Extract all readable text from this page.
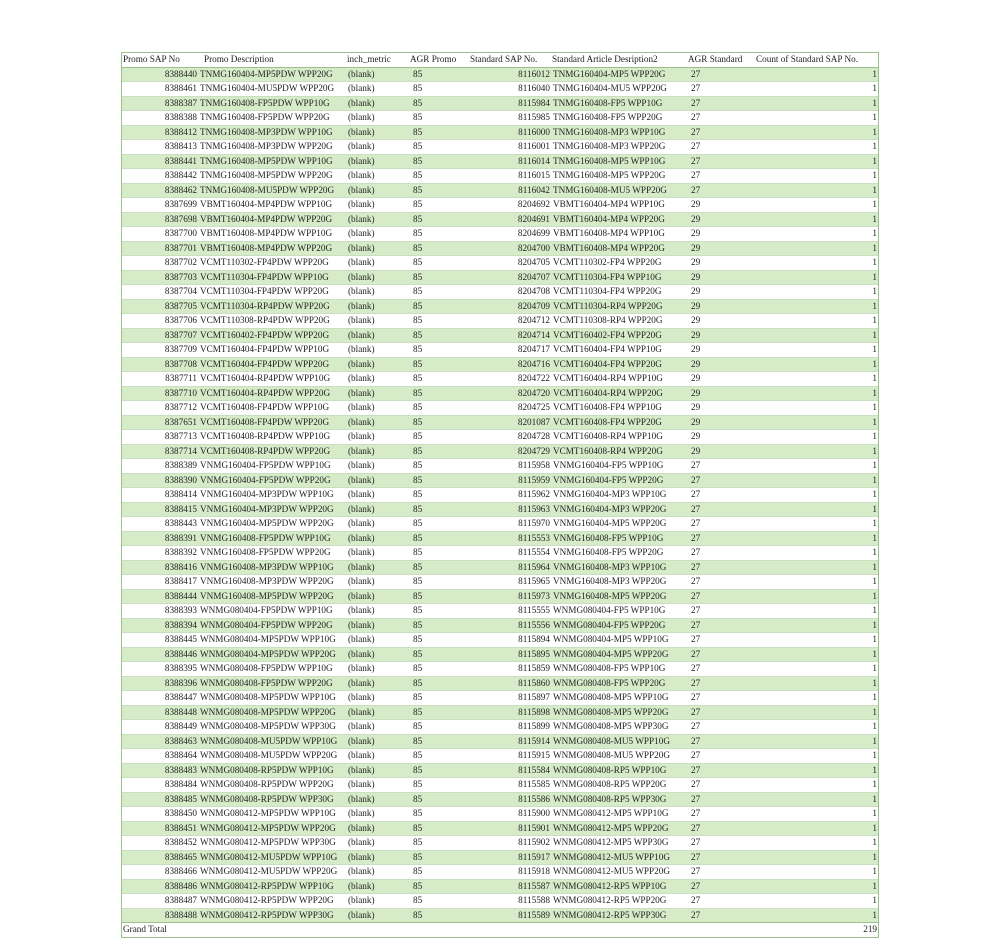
Promo SAP No	Promo Description	inch_metric	AGR Promo	Standard SAP No.	Standard Article Desription2	AGR Standard	Count of Standard SAP No.
8388440	TNMG160404-MP5PDW WPP20G	(blank)	85	8116012	TNMG160404-MP5 WPP20G	27	1
8388461	TNMG160404-MU5PDW WPP20G	(blank)	85	8116040	TNMG160404-MU5 WPP20G	27	1
8388387	TNMG160408-FP5PDW WPP10G	(blank)	85	8115984	TNMG160408-FP5 WPP10G	27	1
8388388	TNMG160408-FP5PDW WPP20G	(blank)	85	8115985	TNMG160408-FP5 WPP20G	27	1
8388412	TNMG160408-MP3PDW WPP10G	(blank)	85	8116000	TNMG160408-MP3 WPP10G	27	1
8388413	TNMG160408-MP3PDW WPP20G	(blank)	85	8116001	TNMG160408-MP3 WPP20G	27	1
8388441	TNMG160408-MP5PDW WPP10G	(blank)	85	8116014	TNMG160408-MP5 WPP10G	27	1
8388442	TNMG160408-MP5PDW WPP20G	(blank)	85	8116015	TNMG160408-MP5 WPP20G	27	1
8388462	TNMG160408-MU5PDW WPP20G	(blank)	85	8116042	TNMG160408-MU5 WPP20G	27	1
8387699	VBMT160404-MP4PDW WPP10G	(blank)	85	8204692	VBMT160404-MP4 WPP10G	29	1
8387698	VBMT160404-MP4PDW WPP20G	(blank)	85	8204691	VBMT160404-MP4 WPP20G	29	1
8387700	VBMT160408-MP4PDW WPP10G	(blank)	85	8204699	VBMT160408-MP4 WPP10G	29	1
8387701	VBMT160408-MP4PDW WPP20G	(blank)	85	8204700	VBMT160408-MP4 WPP20G	29	1
8387702	VCMT110302-FP4PDW WPP20G	(blank)	85	8204705	VCMT110302-FP4 WPP20G	29	1
8387703	VCMT110304-FP4PDW WPP10G	(blank)	85	8204707	VCMT110304-FP4 WPP10G	29	1
8387704	VCMT110304-FP4PDW WPP20G	(blank)	85	8204708	VCMT110304-FP4 WPP20G	29	1
8387705	VCMT110304-RP4PDW WPP20G	(blank)	85	8204709	VCMT110304-RP4 WPP20G	29	1
8387706	VCMT110308-RP4PDW WPP20G	(blank)	85	8204712	VCMT110308-RP4 WPP20G	29	1
8387707	VCMT160402-FP4PDW WPP20G	(blank)	85	8204714	VCMT160402-FP4 WPP20G	29	1
8387709	VCMT160404-FP4PDW WPP10G	(blank)	85	8204717	VCMT160404-FP4 WPP10G	29	1
8387708	VCMT160404-FP4PDW WPP20G	(blank)	85	8204716	VCMT160404-FP4 WPP20G	29	1
8387711	VCMT160404-RP4PDW WPP10G	(blank)	85	8204722	VCMT160404-RP4 WPP10G	29	1
8387710	VCMT160404-RP4PDW WPP20G	(blank)	85	8204720	VCMT160404-RP4 WPP20G	29	1
8387712	VCMT160408-FP4PDW WPP10G	(blank)	85	8204725	VCMT160408-FP4 WPP10G	29	1
8387651	VCMT160408-FP4PDW WPP20G	(blank)	85	8201087	VCMT160408-FP4 WPP20G	29	1
8387713	VCMT160408-RP4PDW WPP10G	(blank)	85	8204728	VCMT160408-RP4 WPP10G	29	1
8387714	VCMT160408-RP4PDW WPP20G	(blank)	85	8204729	VCMT160408-RP4 WPP20G	29	1
8388389	VNMG160404-FP5PDW WPP10G	(blank)	85	8115958	VNMG160404-FP5 WPP10G	27	1
8388390	VNMG160404-FP5PDW WPP20G	(blank)	85	8115959	VNMG160404-FP5 WPP20G	27	1
8388414	VNMG160404-MP3PDW WPP10G	(blank)	85	8115962	VNMG160404-MP3 WPP10G	27	1
8388415	VNMG160404-MP3PDW WPP20G	(blank)	85	8115963	VNMG160404-MP3 WPP20G	27	1
8388443	VNMG160404-MP5PDW WPP20G	(blank)	85	8115970	VNMG160404-MP5 WPP20G	27	1
8388391	VNMG160408-FP5PDW WPP10G	(blank)	85	8115553	VNMG160408-FP5 WPP10G	27	1
8388392	VNMG160408-FP5PDW WPP20G	(blank)	85	8115554	VNMG160408-FP5 WPP20G	27	1
8388416	VNMG160408-MP3PDW WPP10G	(blank)	85	8115964	VNMG160408-MP3 WPP10G	27	1
8388417	VNMG160408-MP3PDW WPP20G	(blank)	85	8115965	VNMG160408-MP3 WPP20G	27	1
8388444	VNMG160408-MP5PDW WPP20G	(blank)	85	8115973	VNMG160408-MP5 WPP20G	27	1
8388393	WNMG080404-FP5PDW WPP10G	(blank)	85	8115555	WNMG080404-FP5 WPP10G	27	1
8388394	WNMG080404-FP5PDW WPP20G	(blank)	85	8115556	WNMG080404-FP5 WPP20G	27	1
8388445	WNMG080404-MP5PDW WPP10G	(blank)	85	8115894	WNMG080404-MP5 WPP10G	27	1
8388446	WNMG080404-MP5PDW WPP20G	(blank)	85	8115895	WNMG080404-MP5 WPP20G	27	1
8388395	WNMG080408-FP5PDW WPP10G	(blank)	85	8115859	WNMG080408-FP5 WPP10G	27	1
8388396	WNMG080408-FP5PDW WPP20G	(blank)	85	8115860	WNMG080408-FP5 WPP20G	27	1
8388447	WNMG080408-MP5PDW WPP10G	(blank)	85	8115897	WNMG080408-MP5 WPP10G	27	1
8388448	WNMG080408-MP5PDW WPP20G	(blank)	85	8115898	WNMG080408-MP5 WPP20G	27	1
8388449	WNMG080408-MP5PDW WPP30G	(blank)	85	8115899	WNMG080408-MP5 WPP30G	27	1
8388463	WNMG080408-MU5PDW WPP10G	(blank)	85	8115914	WNMG080408-MU5 WPP10G	27	1
8388464	WNMG080408-MU5PDW WPP20G	(blank)	85	8115915	WNMG080408-MU5 WPP20G	27	1
8388483	WNMG080408-RP5PDW WPP10G	(blank)	85	8115584	WNMG080408-RP5 WPP10G	27	1
8388484	WNMG080408-RP5PDW WPP20G	(blank)	85	8115585	WNMG080408-RP5 WPP20G	27	1
8388485	WNMG080408-RP5PDW WPP30G	(blank)	85	8115586	WNMG080408-RP5 WPP30G	27	1
8388450	WNMG080412-MP5PDW WPP10G	(blank)	85	8115900	WNMG080412-MP5 WPP10G	27	1
8388451	WNMG080412-MP5PDW WPP20G	(blank)	85	8115901	WNMG080412-MP5 WPP20G	27	1
8388452	WNMG080412-MP5PDW WPP30G	(blank)	85	8115902	WNMG080412-MP5 WPP30G	27	1
8388465	WNMG080412-MU5PDW WPP10G	(blank)	85	8115917	WNMG080412-MU5 WPP10G	27	1
8388466	WNMG080412-MU5PDW WPP20G	(blank)	85	8115918	WNMG080412-MU5 WPP20G	27	1
8388486	WNMG080412-RP5PDW WPP10G	(blank)	85	8115587	WNMG080412-RP5 WPP10G	27	1
8388487	WNMG080412-RP5PDW WPP20G	(blank)	85	8115588	WNMG080412-RP5 WPP20G	27	1
8388488	WNMG080412-RP5PDW WPP30G	(blank)	85	8115589	WNMG080412-RP5 WPP30G	27	1
Grand Total							219
